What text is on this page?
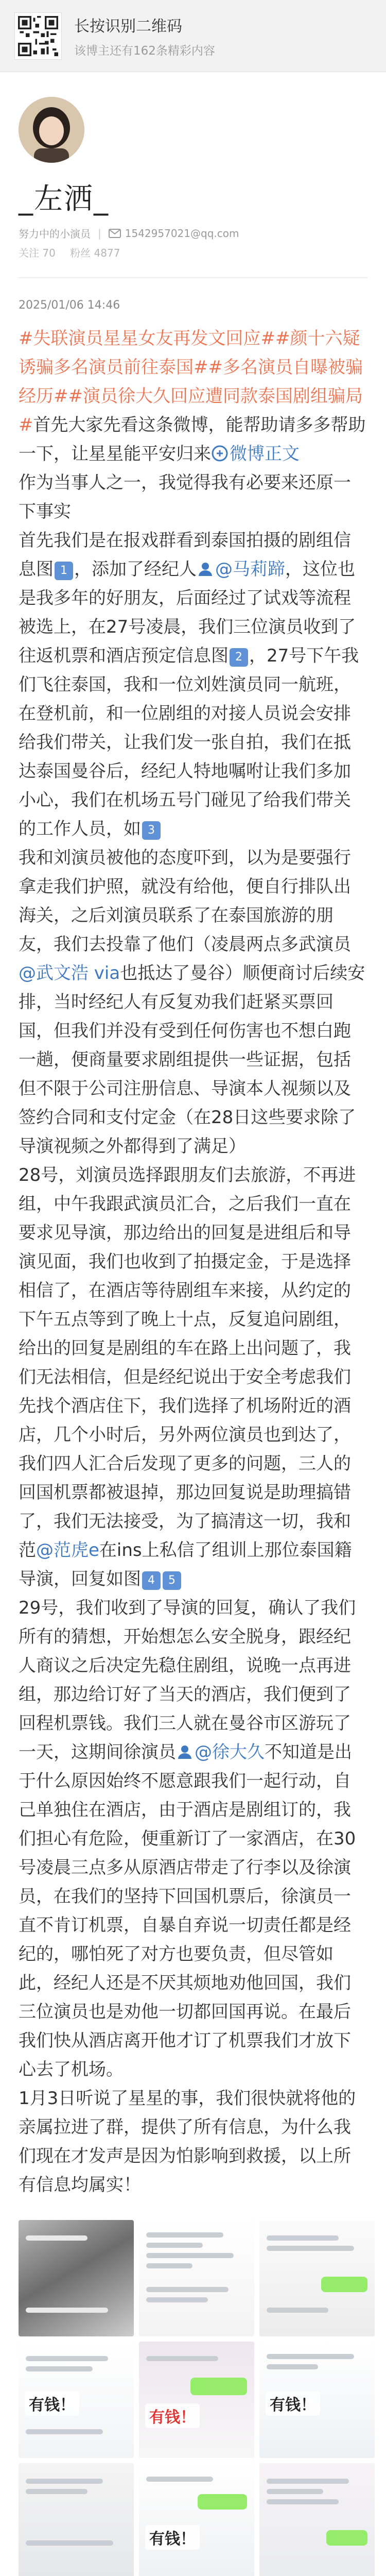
长按识别二维码
该博主还有162条精彩内容
_左洒_
努力中的小演员 | 1542957021@qq.com
关注 70 粉丝 4877
2025/01/06 14:46

#失联演员星星女友再发文回应##颜十六疑诱骗多名演员前往泰国##多名演员自曝被骗经历##演员徐大久回应遭同款泰国剧组骗局#首先大家先看这条微博，能帮助请多多帮助一下，让星星能平安归来 微博正文

作为当事人之一，我觉得我有必要来还原一下事实

首先我们是在报戏群看到泰国拍摄的剧组信息图 1 ，添加了经纪人 @马莉蹄，这位也是我多年的好朋友，后面经过了试戏等流程被选上，在27号凌晨，我们三位演员收到了往返机票和酒店预定信息图 2 ，27号下午我们飞往泰国，我和一位刘姓演员同一航班，在登机前，和一位剧组的对接人员说会安排给我们带关，让我们发一张自拍，我们在抵达泰国曼谷后，经纪人特地嘱咐让我们多加小心，我们在机场五号门碰见了给我们带关的工作人员，如 3

我和刘演员被他的态度吓到，以为是要强行拿走我们护照，就没有给他，便自行排队出海关，之后刘演员联系了在泰国旅游的朋友，我们去投靠了他们（凌晨两点多武演员@武文浩 via也抵达了曼谷）顺便商讨后续安排，当时经纪人有反复劝我们赶紧买票回国，但我们并没有受到任何伤害也不想白跑一趟，便商量要求剧组提供一些证据，包括但不限于公司注册信息、导演本人视频以及签约合同和支付定金（在28日这些要求除了导演视频之外都得到了满足）

28号，刘演员选择跟朋友们去旅游，不再进组，中午我跟武演员汇合，之后我们一直在要求见导演，那边给出的回复是进组后和导演见面，我们也收到了拍摄定金，于是选择相信了，在酒店等待剧组车来接，从约定的下午五点等到了晚上十点，反复追问剧组，给出的回复是剧组的车在路上出问题了，我们无法相信，但是经纪说出于安全考虑我们先找个酒店住下，我们选择了机场附近的酒店，几个小时后，另外两位演员也到达了，我们四人汇合后发现了更多的问题，三人的回国机票都被退掉，那边回复说是助理搞错了，我们无法接受，为了搞清这一切，我和范@范虎e在ins上私信了组训上那位泰国籍导演，回复如图 4 5

29号，我们收到了导演的回复，确认了我们所有的猜想，开始想怎么安全脱身，跟经纪人商议之后决定先稳住剧组，说晚一点再进组，那边给订好了当天的酒店，我们便到了回程机票钱。我们三人就在曼谷市区游玩了一天，这期间徐演员 @徐大久不知道是出于什么原因始终不愿意跟我们一起行动，自己单独住在酒店，由于酒店是剧组订的，我们担心有危险，便重新订了一家酒店，在30号凌晨三点多从原酒店带走了行李以及徐演员，在我们的坚持下回国机票后，徐演员一直不肯订机票，自暴自弃说一切责任都是经纪的，哪怕死了对方也要负责，但尽管如此，经纪人还是不厌其烦地劝他回国，我们三位演员也是劝他一切都回国再说。在最后我们快从酒店离开他才订了机票我们才放下心去了机场。

1月3日听说了星星的事，我们很快就将他的亲属拉进了群，提供了所有信息，为什么我们现在才发声是因为怕影响到救援，以上所有信息均属实！

有钱！
有钱！
有钱！
有钱！
